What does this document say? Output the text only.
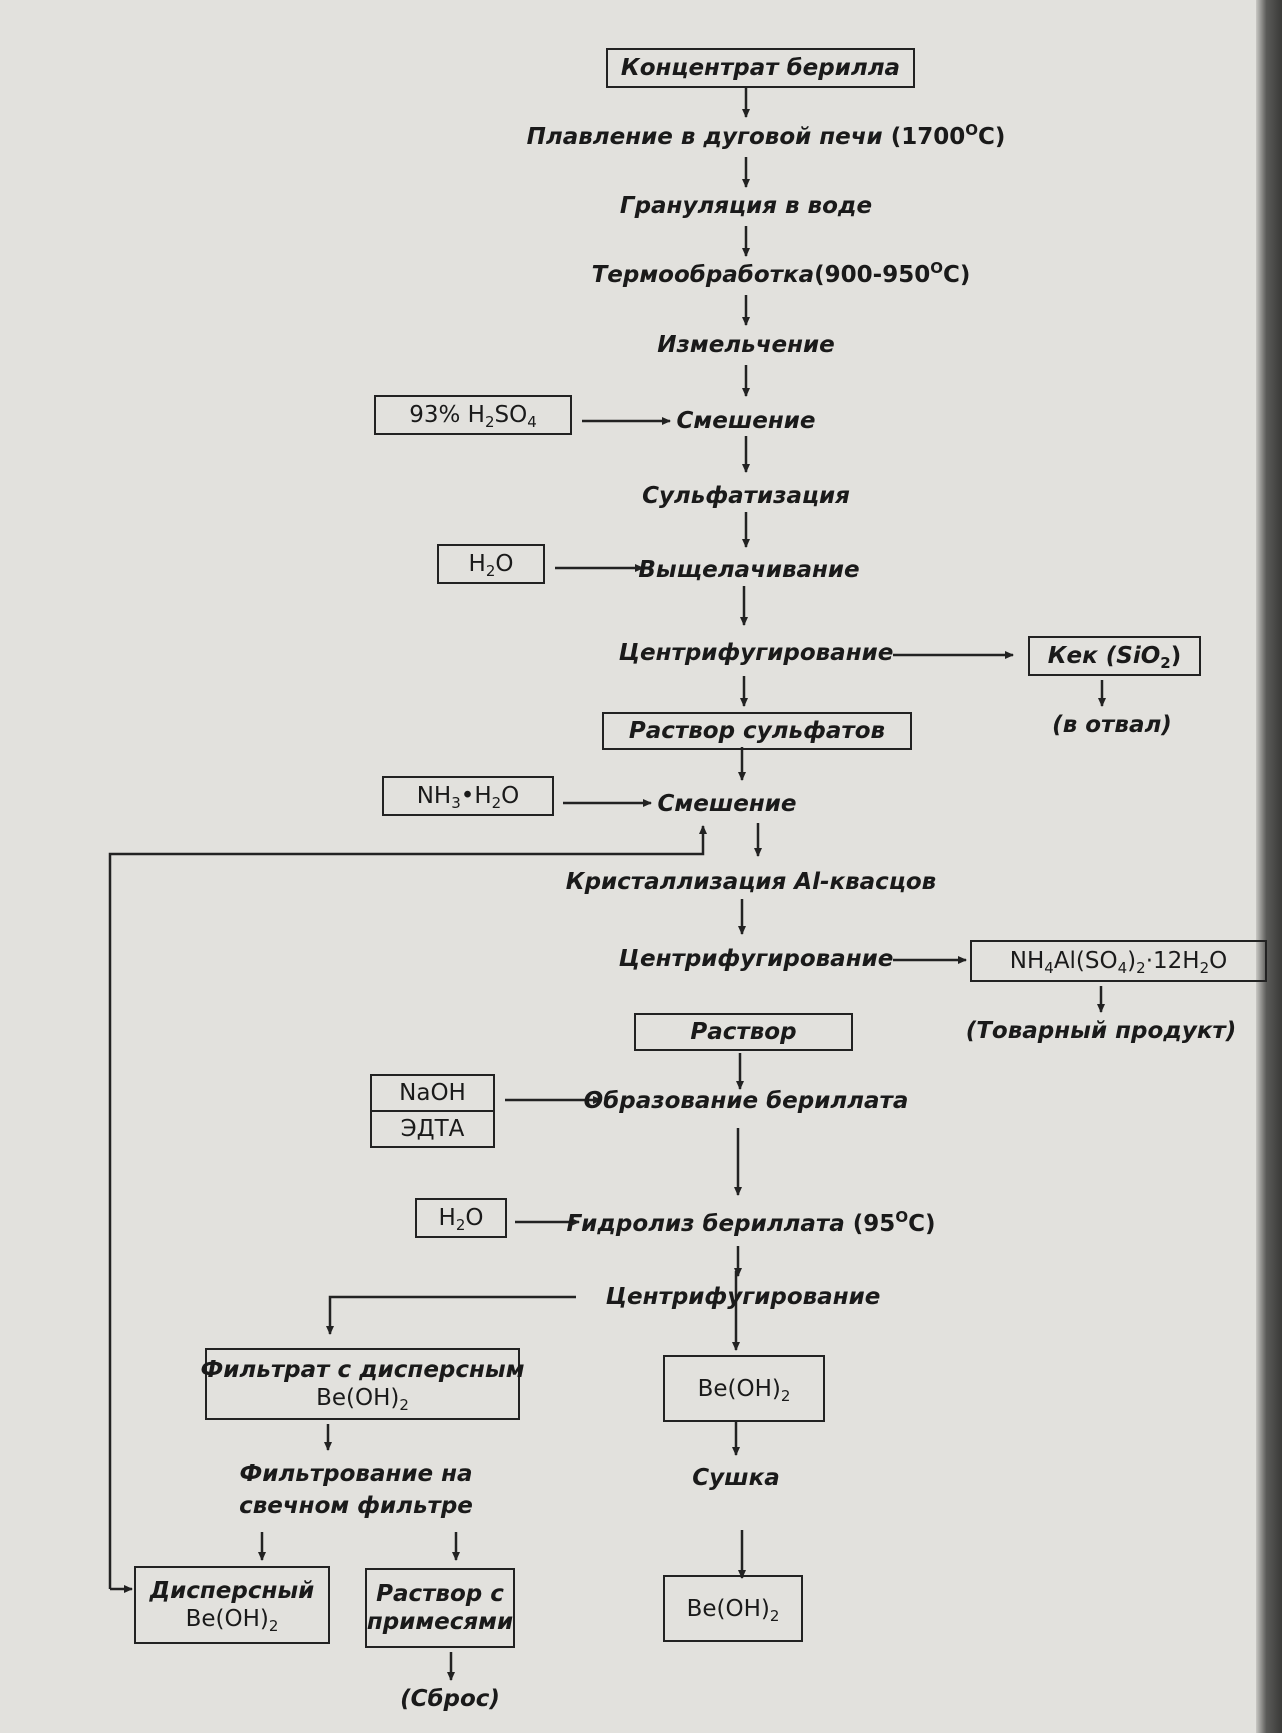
Концентрат берилла
Плавление в дуговой печи $(1700^OC)$
Грануляция в воде
$Термообработка(900-950^OC)$
Измельчение
93% $H_2SO_4$	Смешение
Сульфатизация
$H_2O$	Выщелачивание
Центрифугирование	Кек (SiO$_2$)
(в отвал)
Раствор сульфатов
$NH_3•H_2O$	Смешение
Кристаллизация Al-квасцов
Центрифугирование	$NH_4Al(SO_4)_2\cdot 12H_2O$
(Товарный продукт)
Раствор
NaOH
ЭДТА
Образование бериллата
$H_2O$	Гидролиз бериллата $(95^OC)$
Центрифугирование
Фильтрат с дисперсным
$Be(OH)_2$
$Be(OH)_2$
Фильтрование на
свечном фильтре
Сушка
Дисперсный
$Be(OH)_2$
Раствор с
примесями
$Be(OH)_2$
(Сброс)
